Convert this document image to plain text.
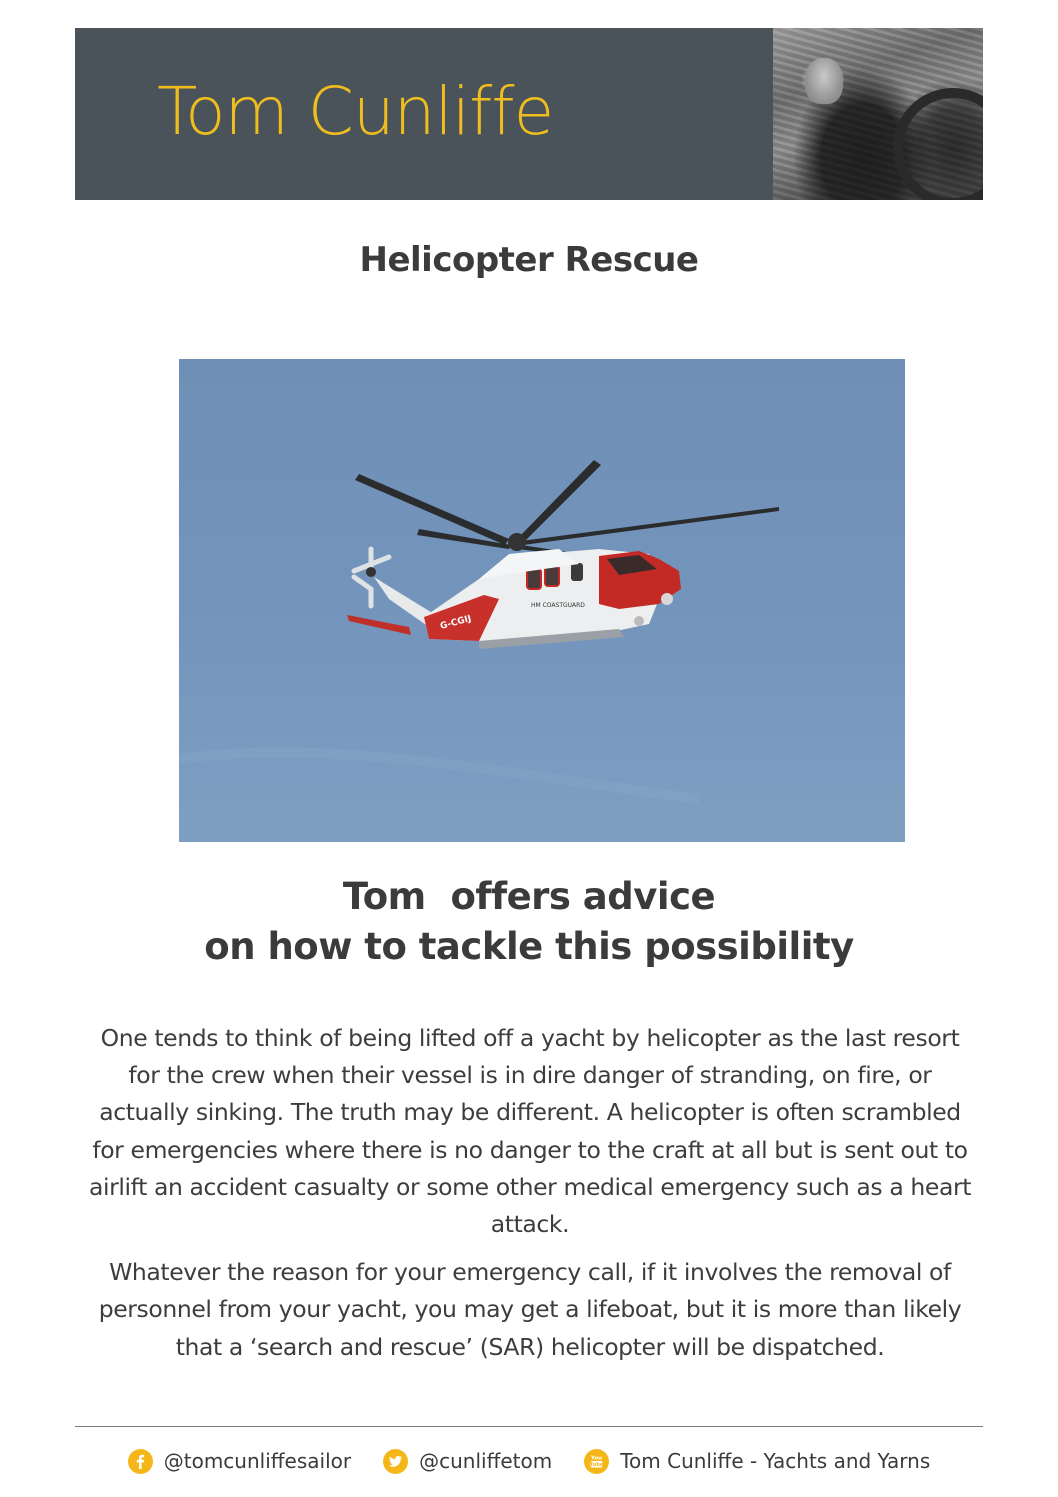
Tom Cunliffe
Helicopter Rescue
G-CGIJ
HM COASTGUARD
Tom  offers advice
on how to tackle this possibility

One tends to think of being lifted off a yacht by helicopter as the last resort for the crew when their vessel is in dire danger of stranding, on fire, or actually sinking. The truth may be different. A helicopter is often scrambled for emergencies where there is no danger to the craft at all but is sent out to airlift an accident casualty or some other medical emergency such as a heart attack.

Whatever the reason for your emergency call, if it involves the removal of personnel from your yacht, you may get a lifeboat, but it is more than likely that a ‘search and rescue’ (SAR) helicopter will be dispatched.

@tomcunliffesailor	@cunliffetom	You
Tube Tom Cunliffe - Yachts and Yarns
